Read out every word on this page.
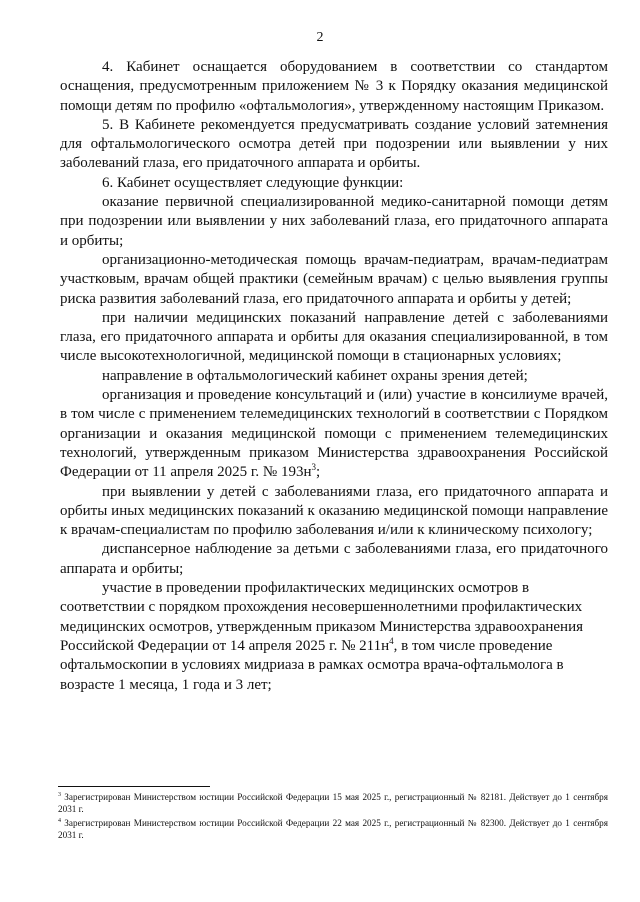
2

4. Кабинет оснащается оборудованием в соответствии со стандартом оснащения, предусмотренным приложением № 3 к Порядку оказания медицинской помощи детям по профилю «офтальмология», утвержденному настоящим Приказом.

5. В Кабинете рекомендуется предусматривать создание условий затемнения для офтальмологического осмотра детей при подозрении или выявлении у них заболеваний глаза, его придаточного аппарата и орбиты.

6. Кабинет осуществляет следующие функции:

оказание первичной специализированной медико-санитарной помощи детям при подозрении или выявлении у них заболеваний глаза, его придаточного аппарата и орбиты;

организационно-методическая помощь врачам-педиатрам, врачам-педиатрам участковым, врачам общей практики (семейным врачам) с целью выявления группы риска развития заболеваний глаза, его придаточного аппарата и орбиты у детей;

при наличии медицинских показаний направление детей с заболеваниями глаза, его придаточного аппарата и орбиты для оказания специализированной, в том числе высокотехнологичной, медицинской помощи в стационарных условиях;

направление в офтальмологический кабинет охраны зрения детей;

организация и проведение консультаций и (или) участие в консилиуме врачей, в том числе с применением телемедицинских технологий в соответствии с Порядком организации и оказания медицинской помощи с применением телемедицинских технологий, утвержденным приказом Министерства здравоохранения Российской Федерации от 11 апреля 2025 г. № $193н^3$;

при выявлении у детей с заболеваниями глаза, его придаточного аппарата и орбиты иных медицинских показаний к оказанию медицинской помощи направление к врачам-специалистам по профилю заболевания и/или к клиническому психологу;

диспансерное наблюдение за детьми с заболеваниями глаза, его придаточного аппарата и орбиты;

участие в проведении профилактических медицинских осмотров в соответствии с порядком прохождения несовершеннолетними профилактических медицинских осмотров, утвержденным приказом Министерства здравоохранения Российской Федерации от 14 апреля 2025 г. № $211н^4$, в том числе проведение офтальмоскопии в условиях мидриаза в рамках осмотра врача-офтальмолога в возрасте 1 месяца, 1 года и 3 лет;

$^3$ Зарегистрирован Министерством юстиции Российской Федерации 15 мая 2025 г., регистрационный № 82181. Действует до 1 сентября 2031 г.

$^4$ Зарегистрирован Министерством юстиции Российской Федерации 22 мая 2025 г., регистрационный № 82300. Действует до 1 сентября 2031 г.
